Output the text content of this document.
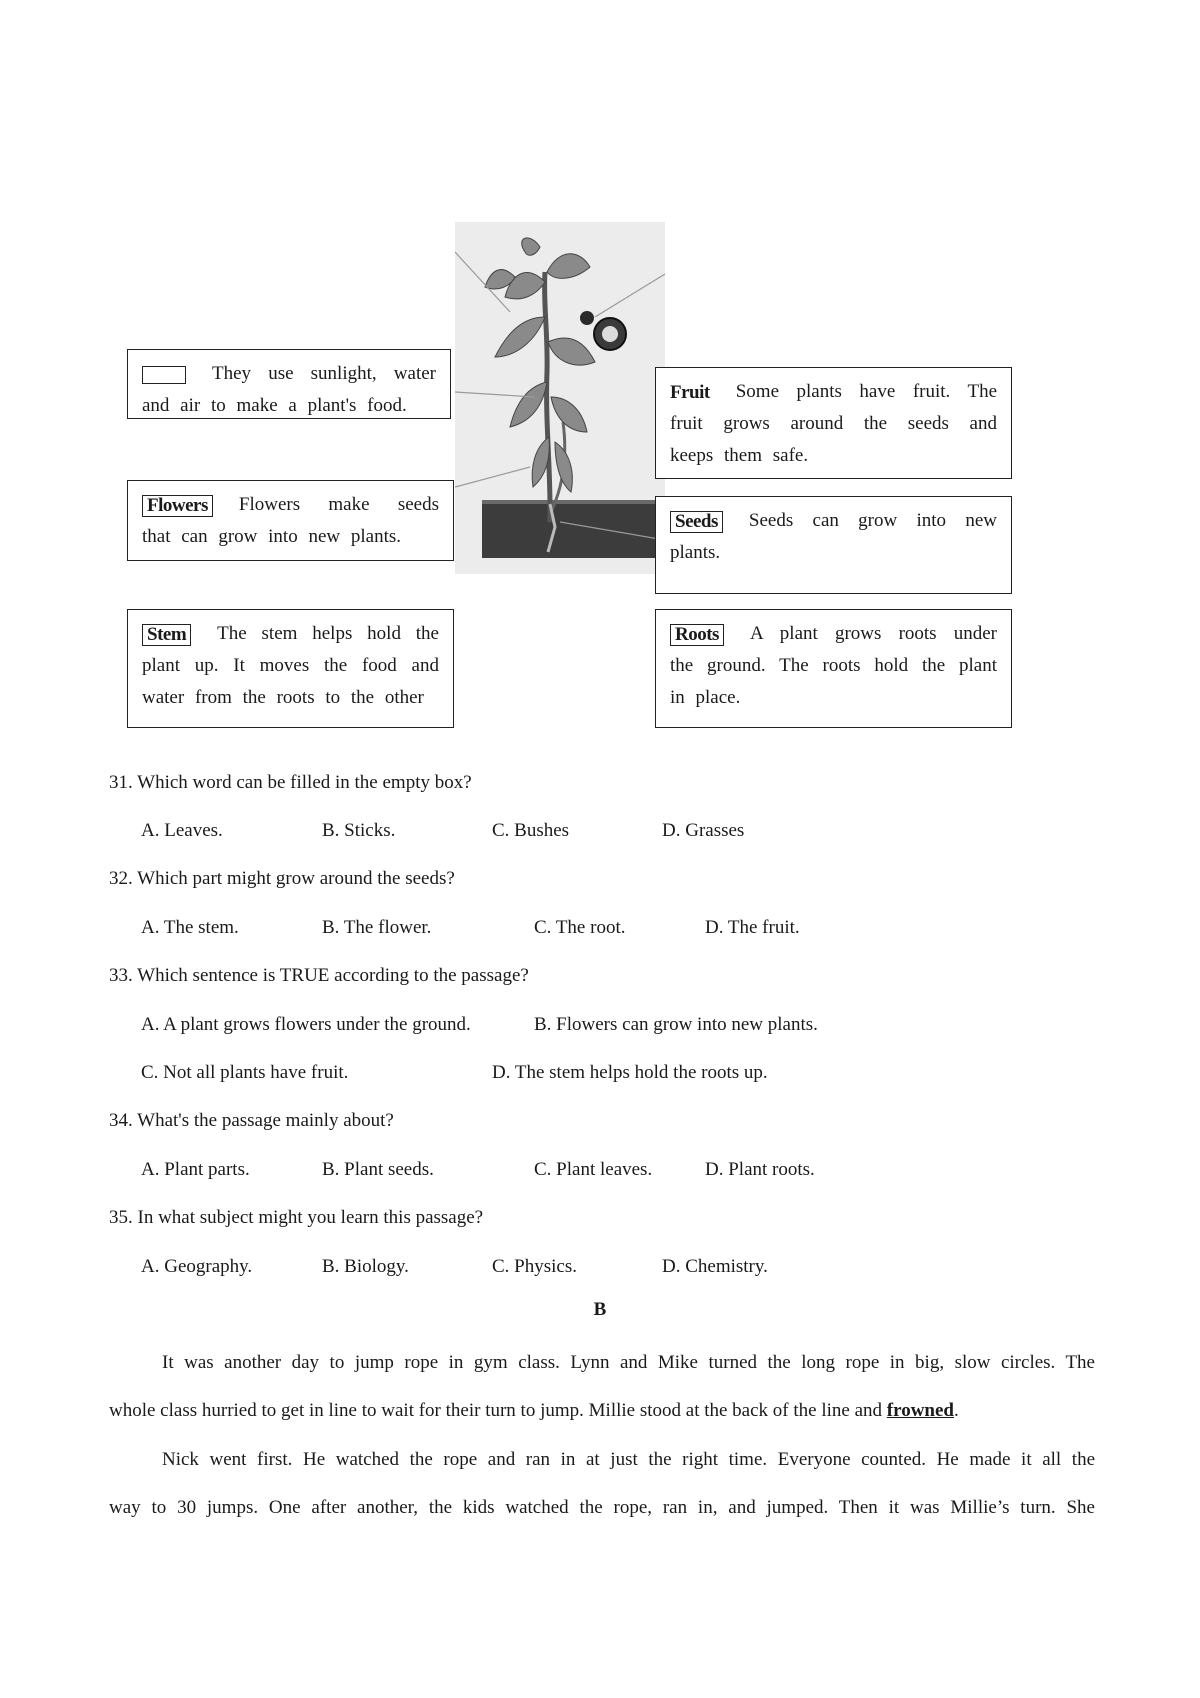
They use sunlight, water and air to make a plant's food.
Flowers Flowers make seeds that can grow into new plants.
Stem The stem helps hold the plant up. It moves the food and water from the roots to the other
Fruit Some plants have fruit. The fruit grows around the seeds and keeps them safe.
Seeds Seeds can grow into new plants.
Roots A plant grows roots under the ground. The roots hold the plant in place.
31. Which word can be filled in the empty box?
A. Leaves.	B. Sticks.	C. Bushes	D. Grasses
32. Which part might grow around the seeds?
A. The stem.	B. The flower.	C. The root.	D. The fruit.
33. Which sentence is TRUE according to the passage?
A. A plant grows flowers under the ground.	B. Flowers can grow into new plants.
C. Not all plants have fruit.	D. The stem helps hold the roots up.
34. What's the passage mainly about?
A. Plant parts.	B. Plant seeds.	C. Plant leaves.	D. Plant roots.
35. In what subject might you learn this passage?
A. Geography.	B. Biology.	C. Physics.	D. Chemistry.
B
It was another day to jump rope in gym class. Lynn and Mike turned the long rope in big, slow circles. The
whole class hurried to get in line to wait for their turn to jump. Millie stood at the back of the line and frowned.
Nick went first. He watched the rope and ran in at just the right time. Everyone counted. He made it all the
way to 30 jumps. One after another, the kids watched the rope, ran in, and jumped. Then it was Millie’s turn. She
